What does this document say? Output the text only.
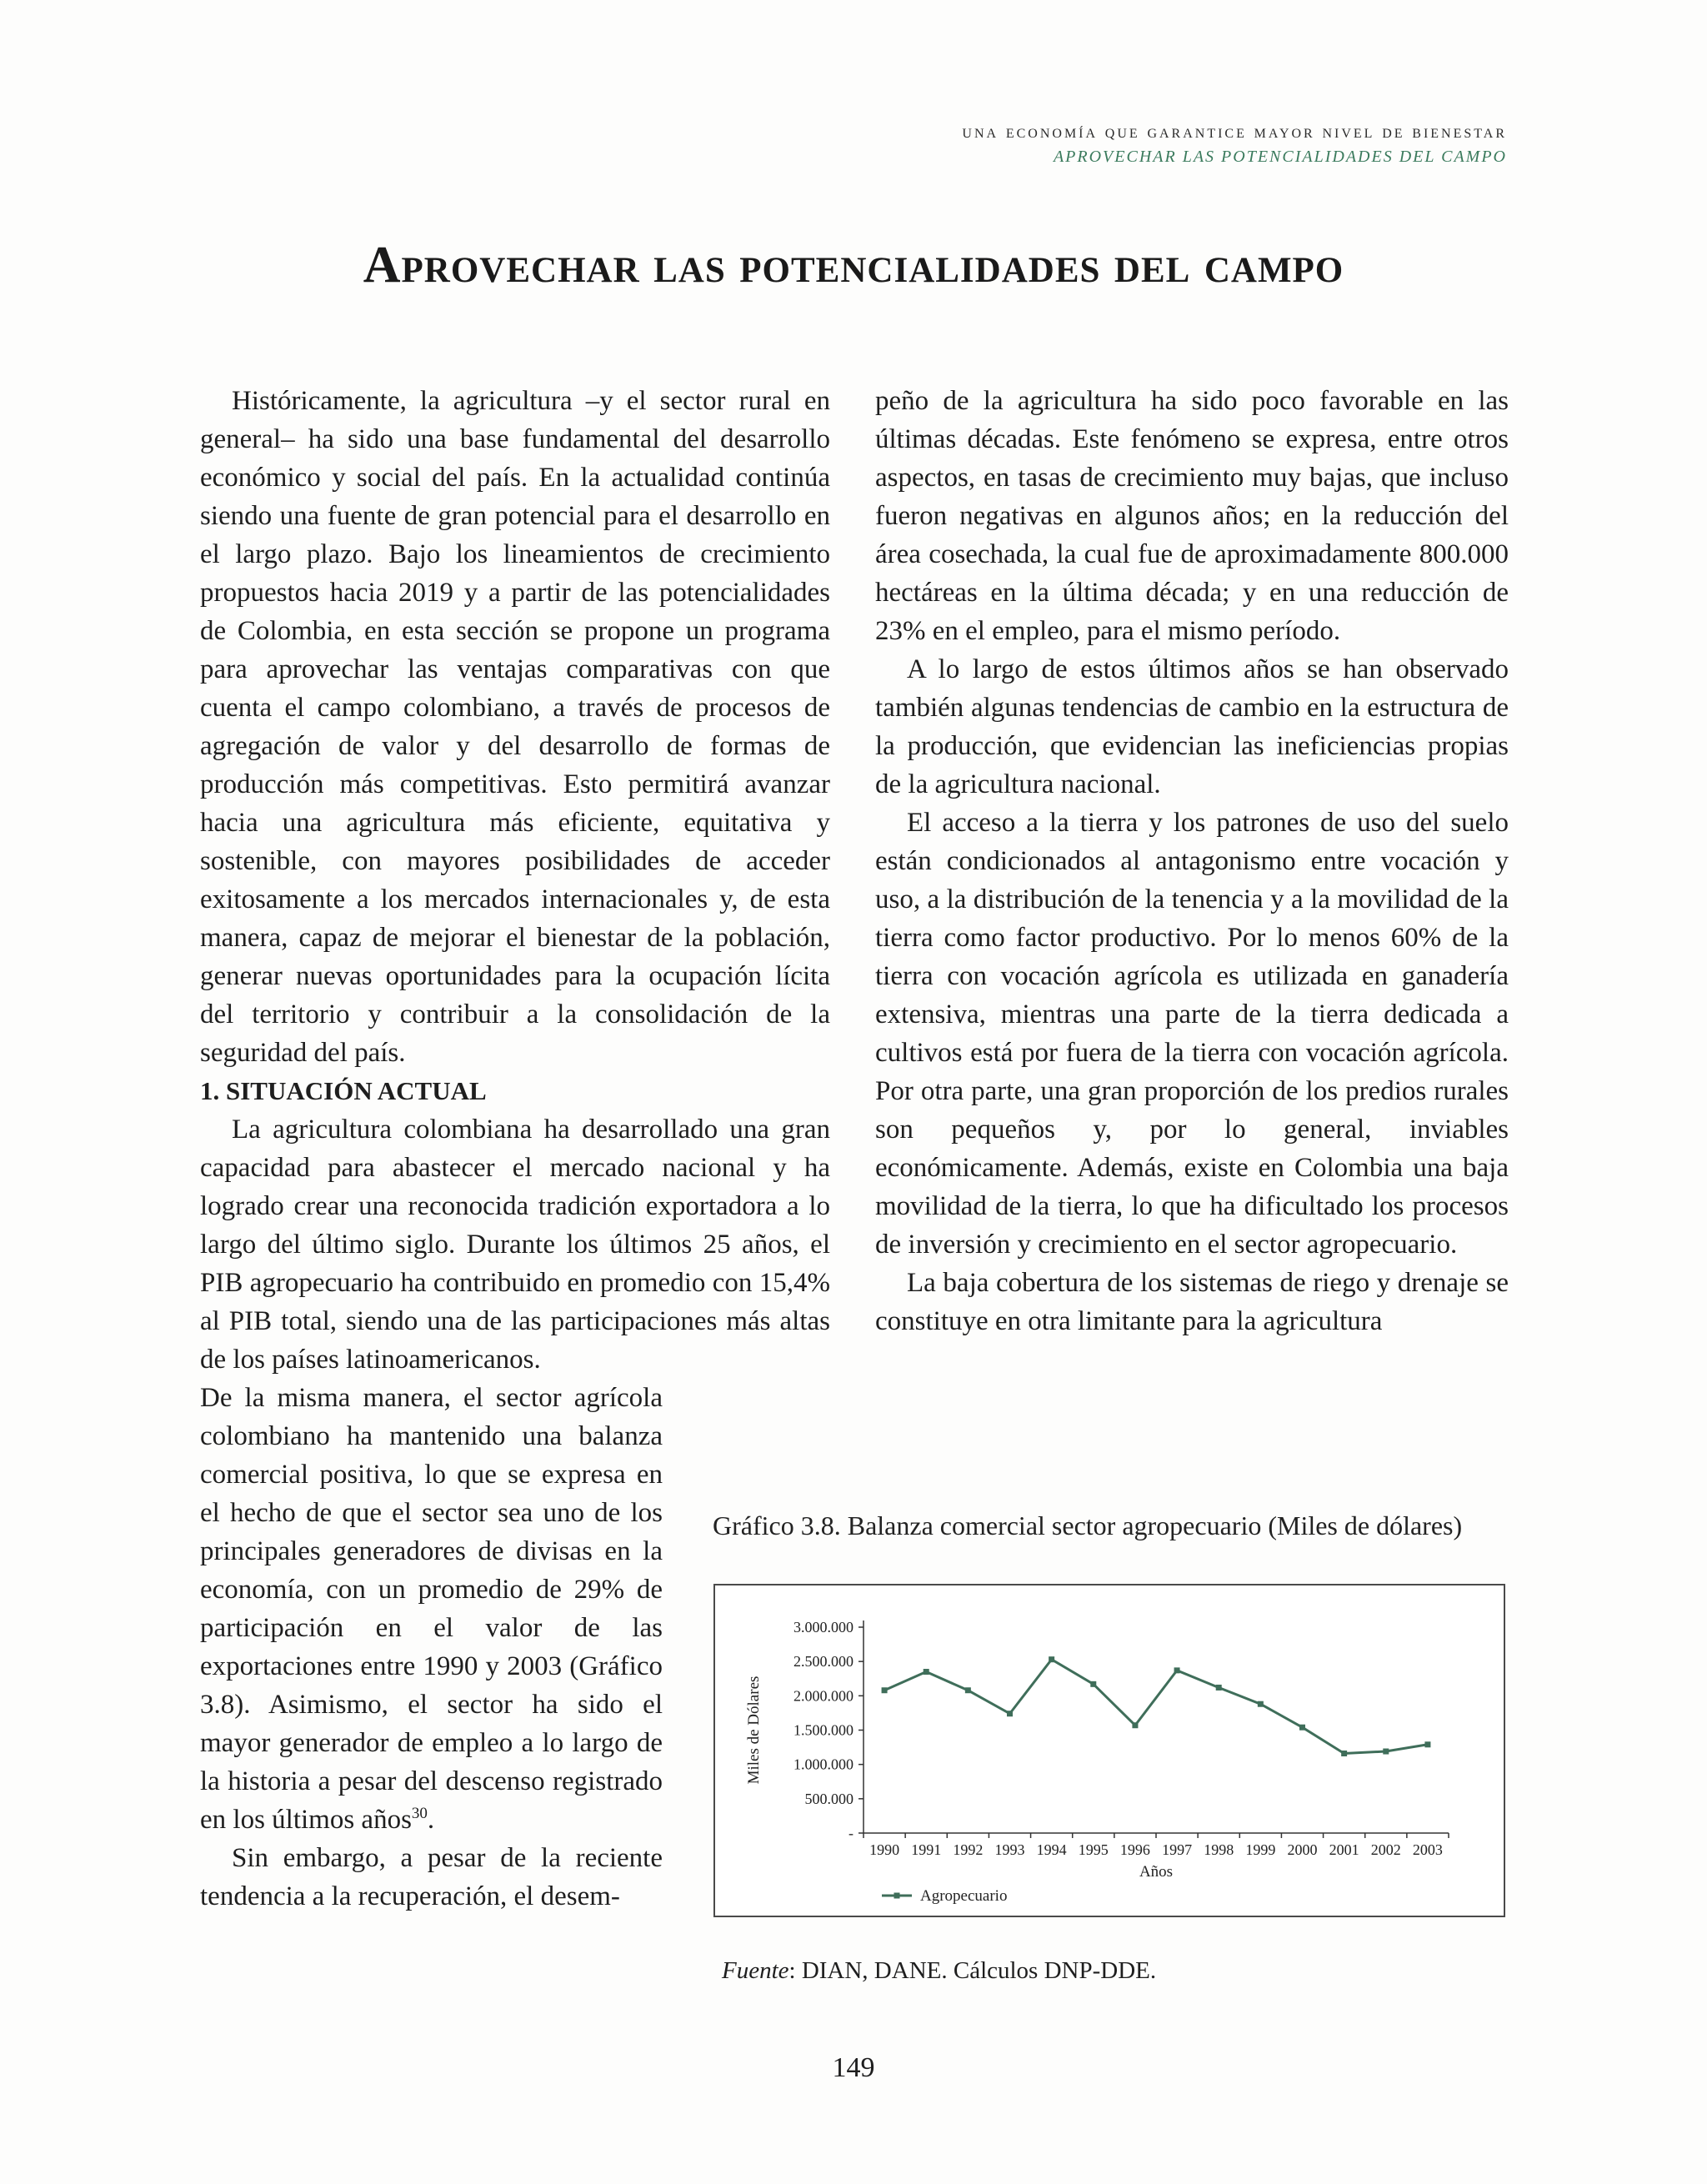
una economía que garantice mayor nivel de bienestar
APROVECHAR LAS POTENCIALIDADES DEL CAMPO
Aprovechar las potencialidades del campo

Históricamente, la agricultura –y el sector rural en general– ha sido una base fundamental del desarrollo económico y social del país. En la actualidad continúa siendo una fuente de gran potencial para el desarrollo en el largo plazo. Bajo los lineamientos de crecimiento propuestos hacia 2019 y a partir de las potencialidades de Colombia, en esta sección se propone un programa para aprovechar las ventajas comparativas con que cuenta el campo colombiano, a través de procesos de agregación de valor y del desarrollo de formas de producción más competitivas. Esto permitirá avanzar hacia una agricultura más eficiente, equitativa y sostenible, con mayores posibilidades de acceder exitosamente a los mercados internacionales y, de esta manera, capaz de mejorar el bienestar de la población, generar nuevas oportunidades para la ocupación lícita del territorio y contribuir a la consolidación de la seguridad del país.

1. SITUACIÓN ACTUAL

La agricultura colombiana ha desarrollado una gran capacidad para abastecer el mercado nacional y ha logrado crear una reconocida tradición exportadora a lo largo del último siglo. Durante los últimos 25 años, el PIB agropecuario ha contribuido en promedio con 15,4% al PIB total, siendo una de las participaciones más altas de los países latinoamericanos.

De la misma manera, el sector agrícola colombiano ha mantenido una balanza comercial positiva, lo que se expresa en el hecho de que el sector sea uno de los principales generadores de divisas en la economía, con un promedio de 29% de participación en el valor de las exportaciones entre 1990 y 2003 (Gráfico 3.8). Asimismo, el sector ha sido el mayor generador de empleo a lo largo de la historia a pesar del descenso registrado en los últimos años$^{30}$.

Sin embargo, a pesar de la reciente tendencia a la recuperación, el desem-

peño de la agricultura ha sido poco favorable en las últimas décadas. Este fenómeno se expresa, entre otros aspectos, en tasas de crecimiento muy bajas, que incluso fueron negativas en algunos años; en la reducción del área cosechada, la cual fue de aproximadamente 800.000 hectáreas en la última década; y en una reducción de 23% en el empleo, para el mismo período.

A lo largo de estos últimos años se han observado también algunas tendencias de cambio en la estructura de la producción, que evidencian las ineficiencias propias de la agricultura nacional.

El acceso a la tierra y los patrones de uso del suelo están condicionados al antagonismo entre vocación y uso, a la distribución de la tenencia y a la movilidad de la tierra como factor productivo. Por lo menos 60% de la tierra con vocación agrícola es utilizada en ganadería extensiva, mientras una parte de la tierra dedicada a cultivos está por fuera de la tierra con vocación agrícola. Por otra parte, una gran proporción de los predios rurales son pequeños y, por lo general, inviables económicamente. Además, existe en Colombia una baja movilidad de la tierra, lo que ha dificultado los procesos de inversión y crecimiento en el sector agropecuario.

La baja cobertura de los sistemas de riego y drenaje se constituye en otra limitante para la agricultura

Gráfico 3.8. Balanza comercial sector agropecuario (Miles de dólares)
-
500.000
1.000.000
1.500.000
2.000.000
2.500.000
3.000.000
1990 1991 1992 1993 1994 1995 1996 1997 1998 1999 2000 2001 2002 2003
Años
Miles de Dólares
Agropecuario
Fuente: DIAN, DANE. Cálculos DNP-DDE.
149
